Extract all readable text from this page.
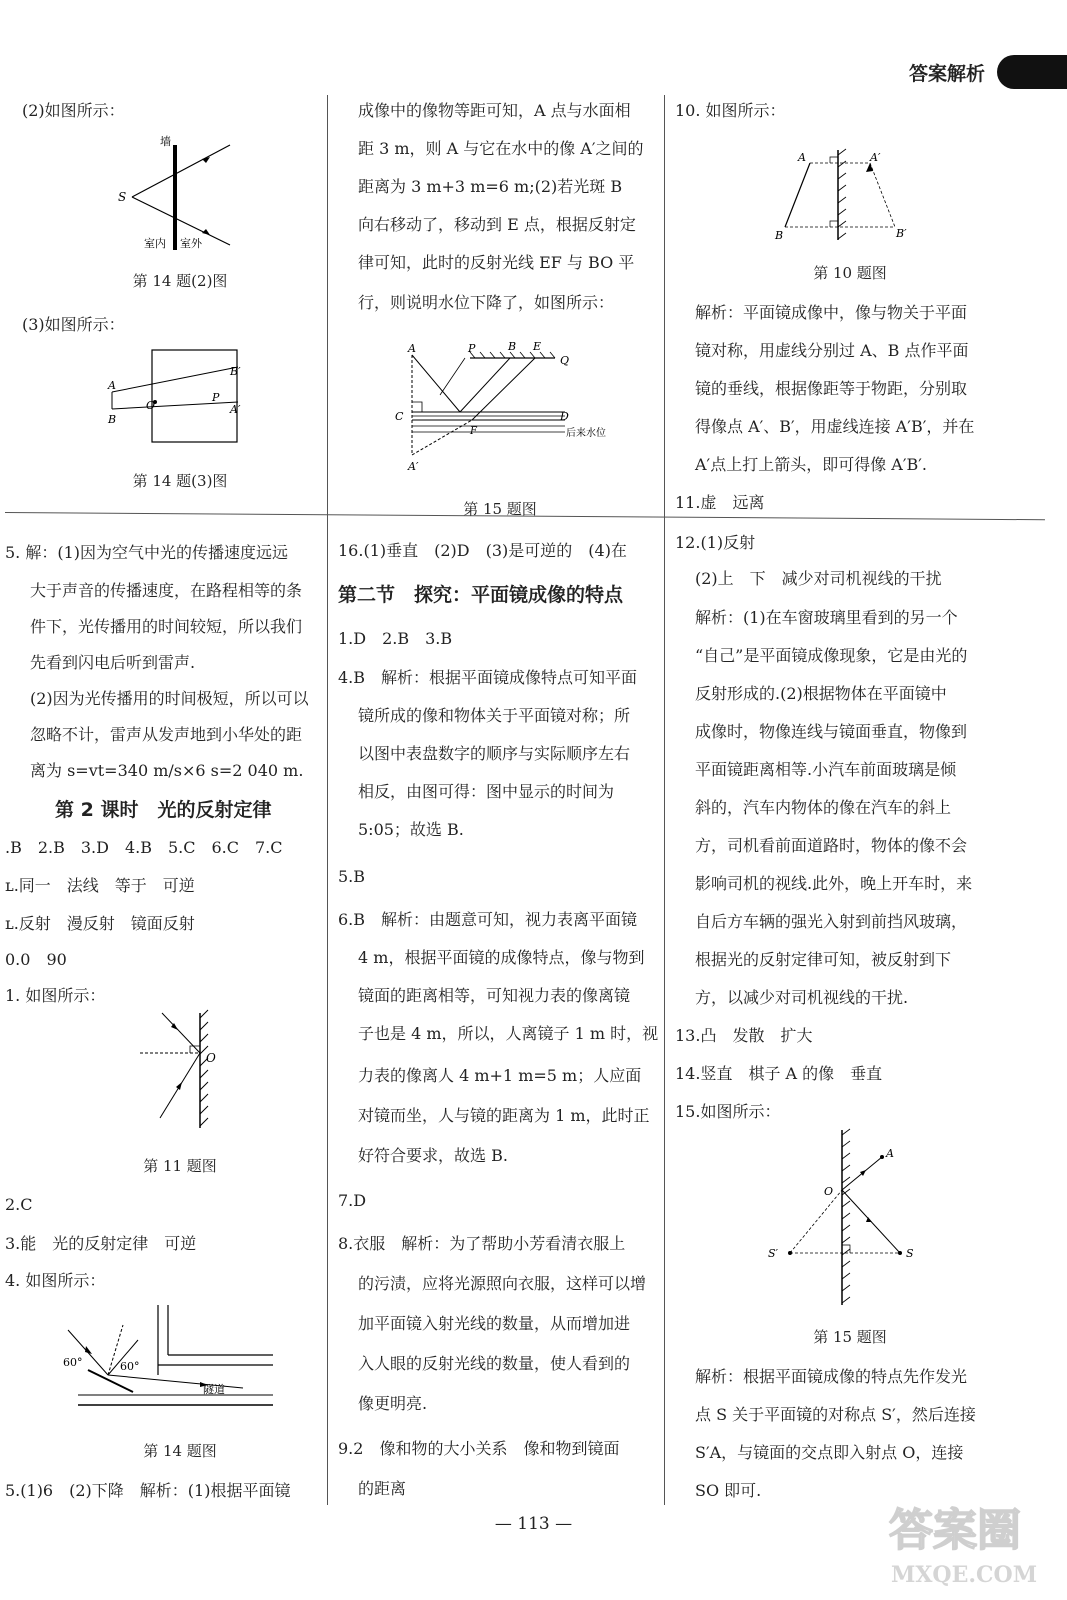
答案解析
(2)如图所示：
墙
S
室内 室外
第 14 题(2)图
(3)如图所示：
A
B
O
P
B′
A′
第 14 题(3)图
5. 解：(1)因为空气中光的传播速度远远
大于声音的传播速度，在路程相等的条
件下，光传播用的时间较短，所以我们
先看到闪电后听到雷声.
(2)因为光传播用的时间极短，所以可以
忽略不计，雷声从发声地到小华处的距
离为 s=vt=340 m/s×6 s=2 040 m.
第 2 课时　光的反射定律
.B　2.B　3.D　4.B　5.C　6.C　7.C
ʟ.同一　法线　等于　可逆
ʟ.反射　漫反射　镜面反射
0.0　90
1. 如图所示：
O
第 11 题图
2.C
3.能　光的反射定律　可逆
4. 如图所示：
60°	60°
隧道
第 14 题图
5.(1)6　(2)下降　解析：(1)根据平面镜
成像中的像物等距可知，A 点与水面相
距 3 m，则 A 与它在水中的像 A′之间的
距离为 3 m+3 m=6 m;(2)若光斑 B
向右移动了，移动到 E 点，根据反射定
律可知，此时的反射光线 EF 与 BO 平
行，则说明水位下降了，如图所示：
A	P	B E
Q
C	D
F
A′
后来水位
第 15 题图
16.(1)垂直　(2)D　(3)是可逆的　(4)在
第二节　探究：平面镜成像的特点
1.D　2.B　3.B
4.B　解析：根据平面镜成像特点可知平面
镜所成的像和物体关于平面镜对称；所
以图中表盘数字的顺序与实际顺序左右
相反，由图可得：图中显示的时间为
5:05；故选 B.
5.B
6.B　解析：由题意可知，视力表离平面镜
4 m，根据平面镜的成像特点，像与物到
镜面的距离相等，可知视力表的像离镜
子也是 4 m，所以，人离镜子 1 m 时，视
力表的像离人 4 m+1 m=5 m；人应面
对镜而坐，人与镜的距离为 1 m，此时正
好符合要求，故选 B.
7.D
8.衣服　解析：为了帮助小芳看清衣服上
的污渍，应将光源照向衣服，这样可以增
加平面镜入射光线的数量，从而增加进
入人眼的反射光线的数量，使人看到的
像更明亮.
9.2　像和物的大小关系　像和物到镜面
的距离
10. 如图所示：
A	A′
B	B′
第 10 题图
解析：平面镜成像中，像与物关于平面
镜对称，用虚线分别过 A、B 点作平面
镜的垂线，根据像距等于物距，分别取
得像点 A′、B′，用虚线连接 A′B′，并在
A′点上打上箭头，即可得像 A′B′.
11.虚　远离
12.(1)反射
(2)上　下　减少对司机视线的干扰
解析：(1)在车窗玻璃里看到的另一个
“自己”是平面镜成像现象，它是由光的
反射形成的.(2)根据物体在平面镜中
成像时，物像连线与镜面垂直，物像到
平面镜距离相等.小汽车前面玻璃是倾
斜的，汽车内物体的像在汽车的斜上
方，司机看前面道路时，物体的像不会
影响司机的视线.此外，晚上开车时，来
自后方车辆的强光入射到前挡风玻璃，
根据光的反射定律可知，被反射到下
方，以减少对司机视线的干扰.
13.凸　发散　扩大
14.竖直　棋子 A 的像　垂直
15.如图所示：
A
O
S′	S
第 15 题图
解析：根据平面镜成像的特点先作发光
点 S 关于平面镜的对称点 S′，然后连接
S′A，与镜面的交点即入射点 O，连接
SO 即可.
— 113 —	答案圈
MXQE.COM
